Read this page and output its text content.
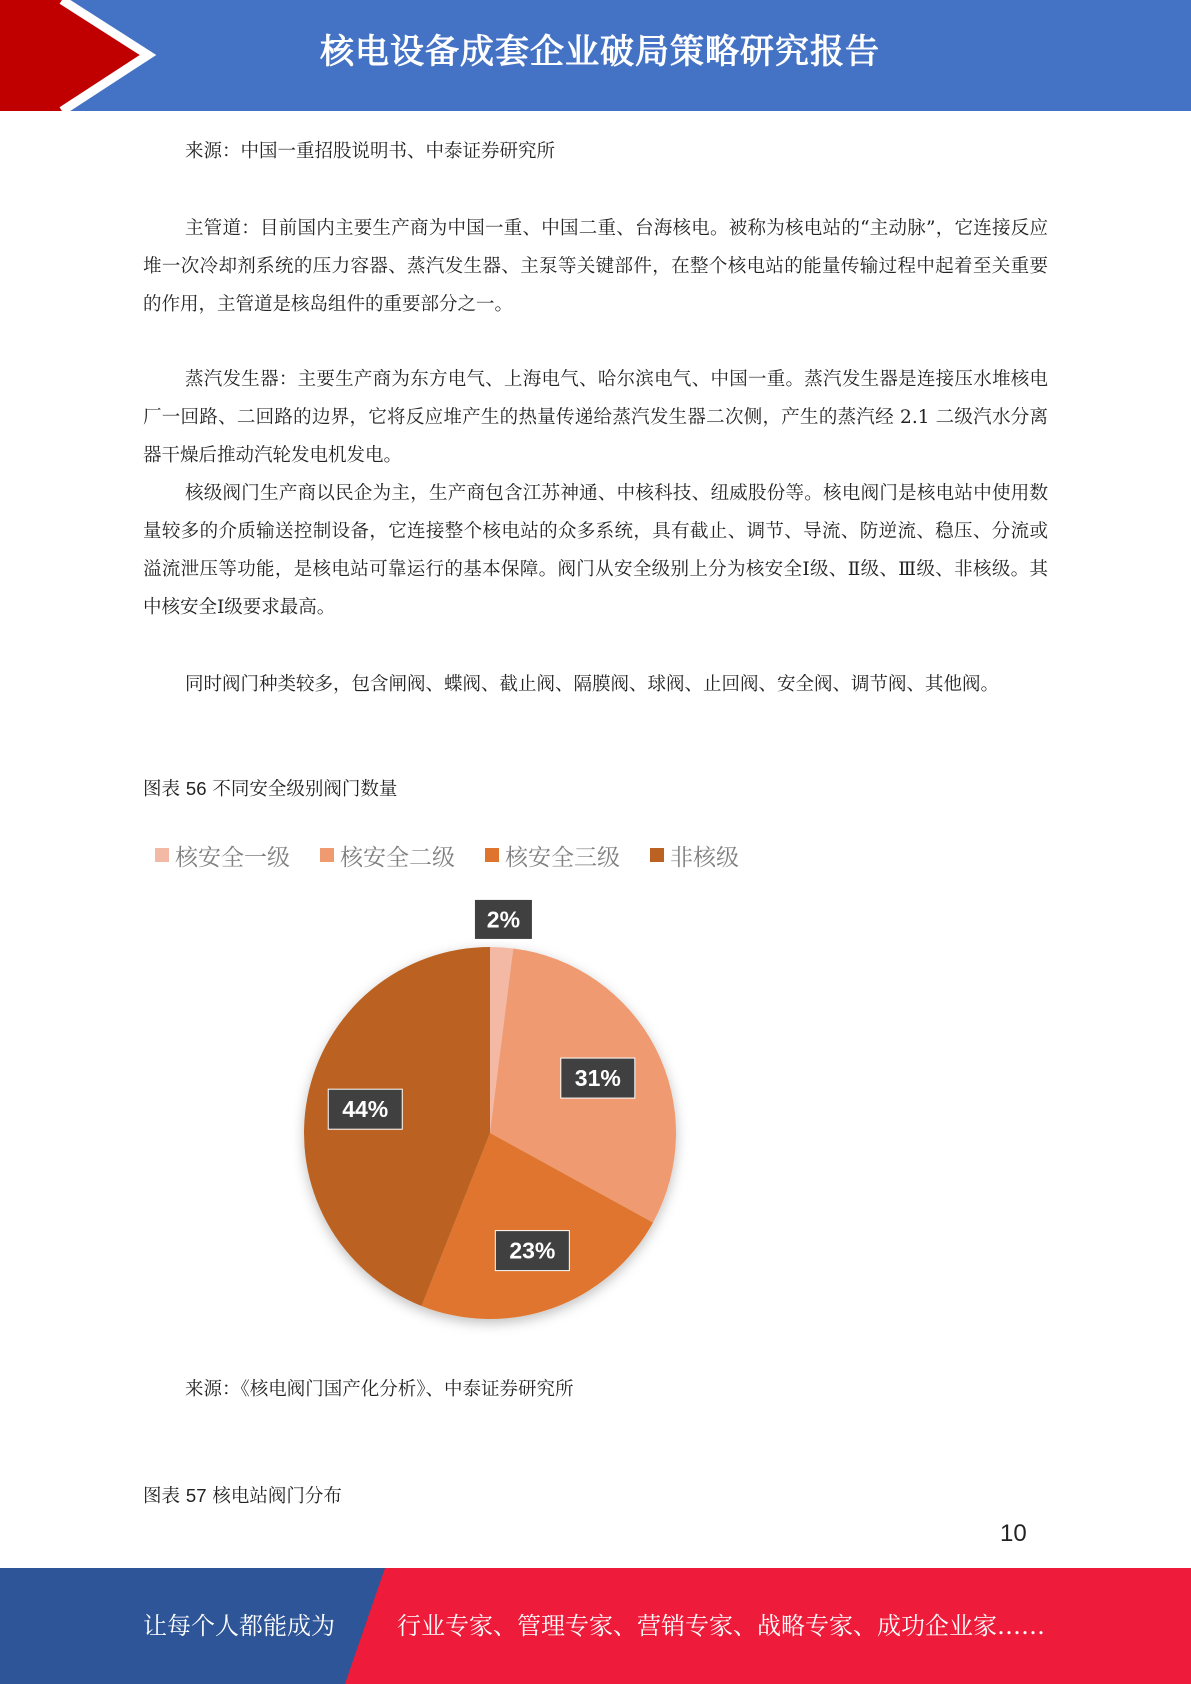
核电设备成套企业破局策略研究报告
来源：中国一重招股说明书、中泰证券研究所

主管道：目前国内主要生产商为中国一重、中国二重、台海核电。被称为核电站的“主动脉”，它连接反应堆一次冷却剂系统的压力容器、蒸汽发生器、主泵等关键部件，在整个核电站的能量传输过程中起着至关重要的作用，主管道是核岛组件的重要部分之一。

蒸汽发生器：主要生产商为东方电气、上海电气、哈尔滨电气、中国一重。蒸汽发生器是连接压水堆核电厂一回路、二回路的边界，它将反应堆产生的热量传递给蒸汽发生器二次侧，产生的蒸汽经 2.1 二级汽水分离器干燥后推动汽轮发电机发电。

核级阀门生产商以民企为主，生产商包含江苏神通、中核科技、纽威股份等。核电阀门是核电站中使用数量较多的介质输送控制设备，它连接整个核电站的众多系统，具有截止、调节、导流、防逆流、稳压、分流或溢流泄压等功能，是核电站可靠运行的基本保障。阀门从安全级别上分为核安全Ⅰ级、Ⅱ级、Ⅲ级、非核级。其中核安全Ⅰ级要求最高。

同时阀门种类较多，包含闸阀、蝶阀、截止阀、隔膜阀、球阀、止回阀、安全阀、调节阀、其他阀。

图表 56 不同安全级别阀门数量
核安全一级 核安全二级 核安全三级 非核级
2%
31%
23%
44%
来源：《核电阀门国产化分析》、中泰证券研究所
图表 57 核电站阀门分布
10
让每个人都能成为	行业专家、管理专家、营销专家、战略专家、成功企业家……
